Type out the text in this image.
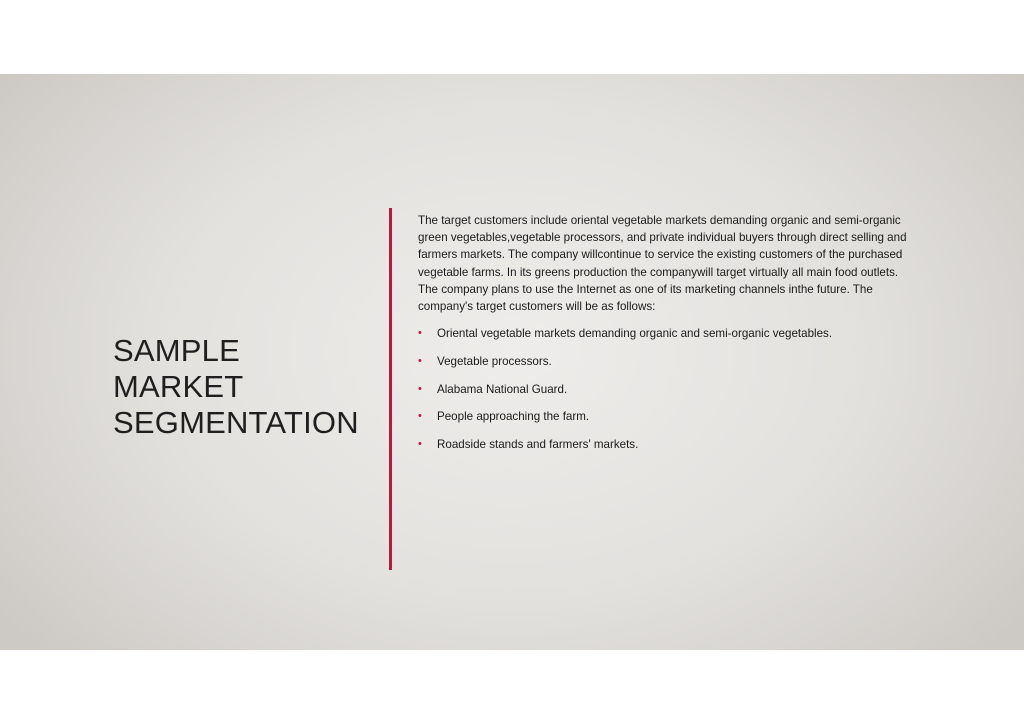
SAMPLE
MARKET
SEGMENTATION

The target customers include oriental vegetable markets demanding organic and semi-organic
green vegetables,vegetable processors, and private individual buyers through direct selling and
farmers markets. The company willcontinue to service the existing customers of the purchased
vegetable farms. In its greens production the companywill target virtually all main food outlets.
The company plans to use the Internet as one of its marketing channels inthe future. The
company's target customers will be as follows:

• Oriental vegetable markets demanding organic and semi-organic vegetables.
• Vegetable processors.
• Alabama National Guard.
• People approaching the farm.
• Roadside stands and farmers' markets.
